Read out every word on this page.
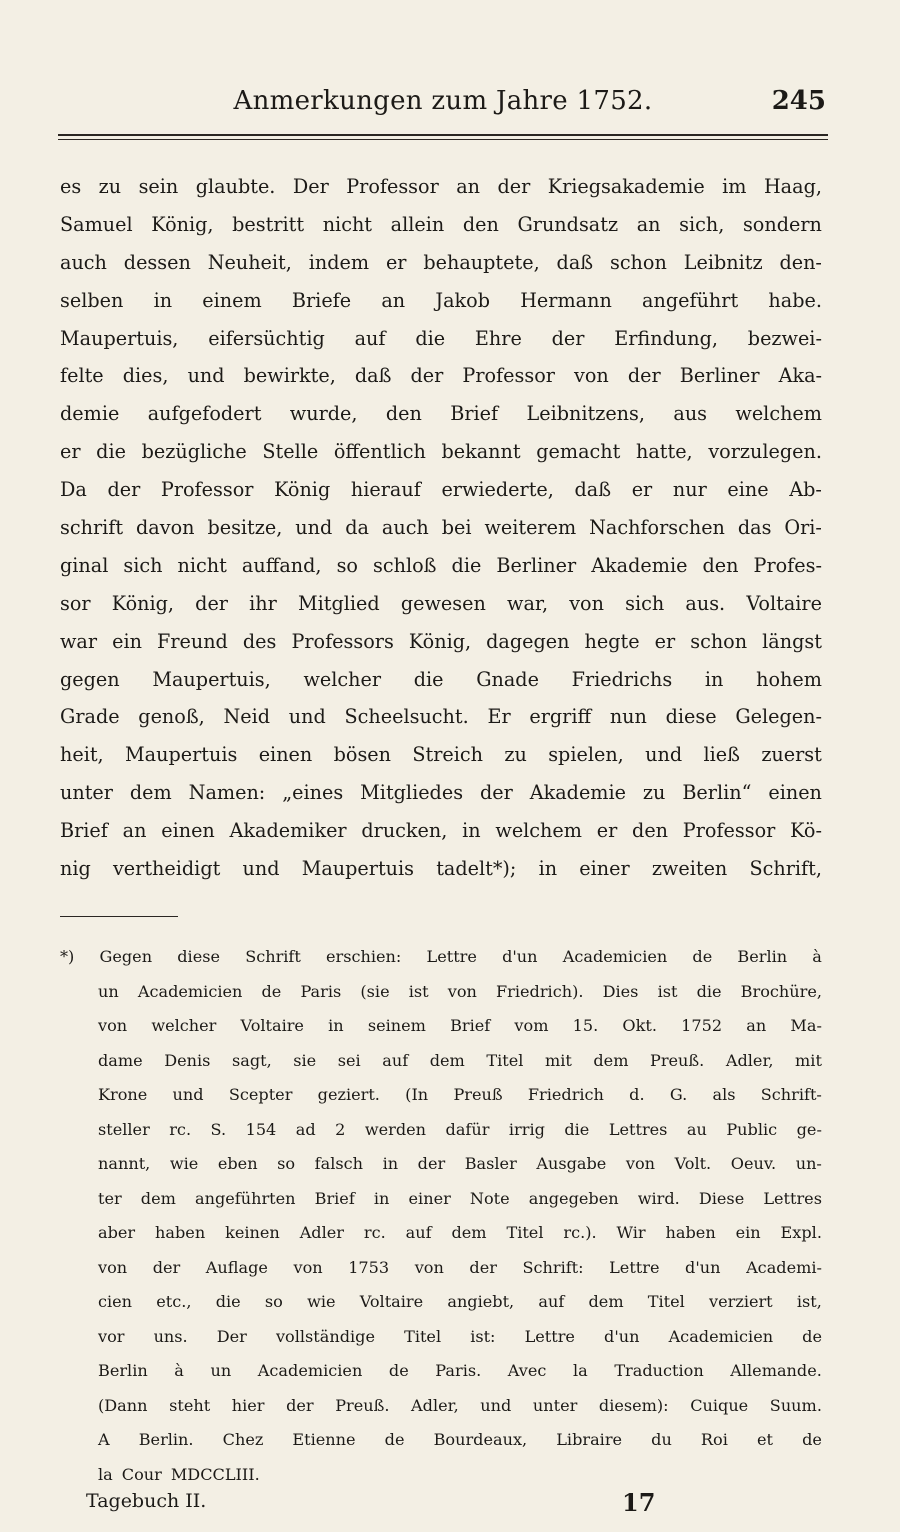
Anmerkungen zum Jahre 1752.	245
es zu sein glaubte. Der Professor an der Kriegsakademie im Haag,
Samuel König, bestritt nicht allein den Grundsatz an sich, sondern
auch dessen Neuheit, indem er behauptete, daß schon Leibnitz den-
selben in einem Briefe an Jakob Hermann angeführt habe.
Maupertuis, eifersüchtig auf die Ehre der Erfindung, bezwei-
felte dies, und bewirkte, daß der Professor von der Berliner Aka-
demie aufgefodert wurde, den Brief Leibnitzens, aus welchem
er die bezügliche Stelle öffentlich bekannt gemacht hatte, vorzulegen.
Da der Professor König hierauf erwiederte, daß er nur eine Ab-
schrift davon besitze, und da auch bei weiterem Nachforschen das Ori-
ginal sich nicht auffand, so schloß die Berliner Akademie den Profes-
sor König, der ihr Mitglied gewesen war, von sich aus. Voltaire
war ein Freund des Professors König, dagegen hegte er schon längst
gegen Maupertuis, welcher die Gnade Friedrichs in hohem
Grade genoß, Neid und Scheelsucht. Er ergriff nun diese Gelegen-
heit, Maupertuis einen bösen Streich zu spielen, und ließ zuerst
unter dem Namen: „eines Mitgliedes der Akademie zu Berlin“ einen
Brief an einen Akademiker drucken, in welchem er den Professor Kö-
nig vertheidigt und Maupertuis tadelt*); in einer zweiten Schrift,
*) Gegen diese Schrift erschien: Lettre d'un Academicien de Berlin à
un Academicien de Paris (sie ist von Friedrich). Dies ist die Brochüre,
von welcher Voltaire in seinem Brief vom 15. Okt. 1752 an Ma-
dame Denis sagt, sie sei auf dem Titel mit dem Preuß. Adler, mit
Krone und Scepter geziert. (In Preuß Friedrich d. G. als Schrift-
steller rc. S. 154 ad 2 werden dafür irrig die Lettres au Public ge-
nannt, wie eben so falsch in der Basler Ausgabe von Volt. Oeuv. un-
ter dem angeführten Brief in einer Note angegeben wird. Diese Lettres
aber haben keinen Adler rc. auf dem Titel rc.). Wir haben ein Expl.
von der Auflage von 1753 von der Schrift: Lettre d'un Academi-
cien etc., die so wie Voltaire angiebt, auf dem Titel verziert ist,
vor uns. Der vollständige Titel ist: Lettre d'un Academicien de
Berlin à un Academicien de Paris. Avec la Traduction Allemande.
(Dann steht hier der Preuß. Adler, und unter diesem): Cuique Suum.
A Berlin. Chez Etienne de Bourdeaux, Libraire du Roi et de
la Cour MDCCLIII.
Tagebuch II.	17
